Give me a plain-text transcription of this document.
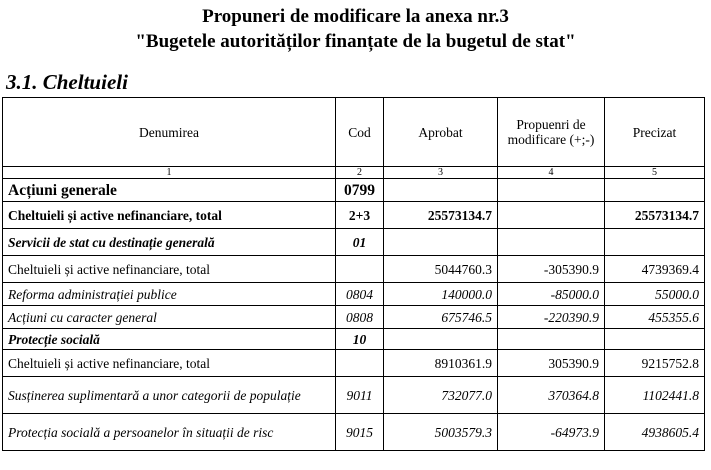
Propuneri de modificare la anexa nr.3
"Bugetele autorităților finanțate de la bugetul de stat"
3.1. Cheltuieli
Denumirea	Cod	Aprobat	Propuenri de modificare (+;-)	Precizat
1	2	3	4	5
Acțiuni generale	0799			
Cheltuieli și active nefinanciare, total	2+3	25573134.7		25573134.7
Servicii de stat cu destinație generală	01			
Cheltuieli și active nefinanciare, total		5044760.3	-305390.9	4739369.4
Reforma administrației publice	0804	140000.0	-85000.0	55000.0
Acțiuni cu caracter general	0808	675746.5	-220390.9	455355.6
Protecție socială	10			
Cheltuieli și active nefinanciare, total		8910361.9	305390.9	9215752.8
Susținerea suplimentară a unor categorii de populație	9011	732077.0	370364.8	1102441.8
Protecția socială a persoanelor în situații de risc	9015	5003579.3	-64973.9	4938605.4
